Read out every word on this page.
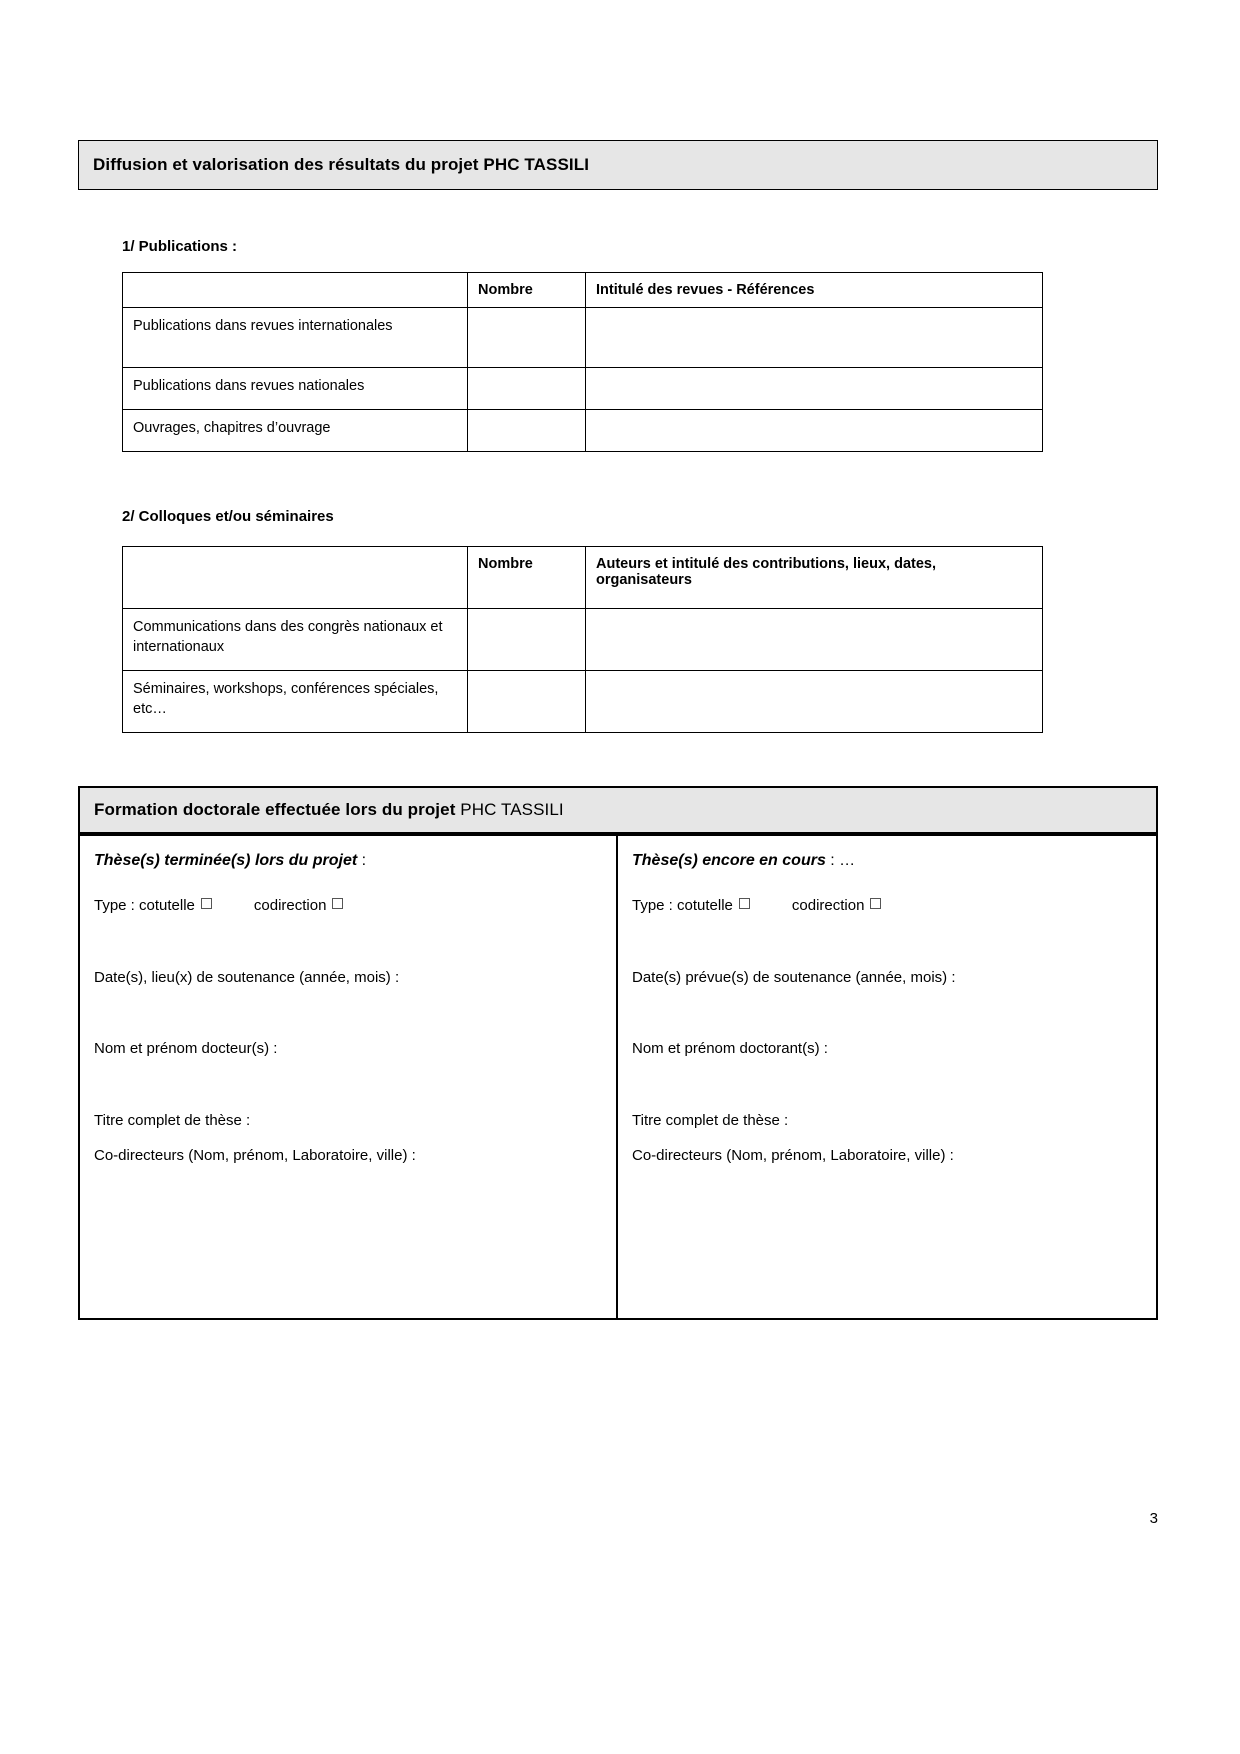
Diffusion et valorisation des résultats du projet PHC TASSILI
1/ Publications :
	Nombre	Intitulé des revues - Références
Publications dans revues internationales		
Publications dans revues nationales		
Ouvrages, chapitres d’ouvrage		
2/ Colloques et/ou séminaires
	Nombre	Auteurs et intitulé des contributions, lieux, dates, organisateurs
Communications dans des congrès nationaux et internationaux		
Séminaires, workshops, conférences spéciales, etc…		
Formation doctorale effectuée lors du projet PHC TASSILI
Thèse(s) terminée(s) lors du projet :
Type : cotutelle	codirection
Date(s), lieu(x) de soutenance (année, mois) :
Nom et prénom docteur(s) :
Titre complet de thèse :
Co-directeurs (Nom, prénom, Laboratoire, ville) :
Thèse(s) encore en cours : …
Type : cotutelle	codirection
Date(s) prévue(s) de soutenance (année, mois) :
Nom et prénom doctorant(s) :
Titre complet de thèse :
Co-directeurs (Nom, prénom, Laboratoire, ville) :
3
